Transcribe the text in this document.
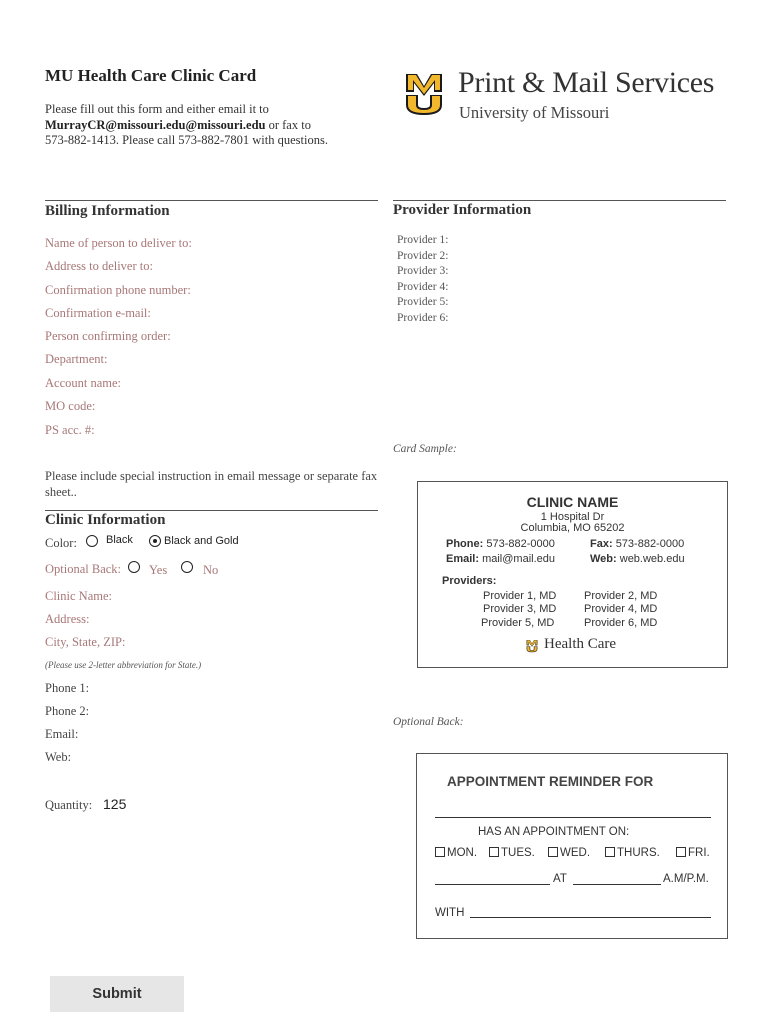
MU Health Care Clinic Card
Please fill out this form and either email it to
MurrayCR@missouri.edu@missouri.edu or fax to
573-882-1413. Please call 573-882-7801 with questions.
Print & Mail Services
University of Missouri
Billing Information
Name of person to deliver to:
Address to deliver to:
Confirmation phone number:
Confirmation e-mail:
Person confirming order:
Department:
Account name:
MO code:
PS acc. #:
Please include special instruction in email message or separate fax sheet..
Provider Information
Provider 1:
Provider 2:
Provider 3:
Provider 4:
Provider 5:
Provider 6:
Card Sample:
Clinic Information
Color:	Black	Black and Gold
Optional Back: Yes	No
Clinic Name:
Address:
City, State, ZIP:
(Please use 2-letter abbreviation for State.)
Phone 1:
Phone 2:
Email:
Web:
Quantity: 125
CLINIC NAME
1 Hospital Dr
Columbia, MO 65202
Phone: 573-882-0000	Fax: 573-882-0000
Email: mail@mail.edu	Web: web.web.edu
Providers:
Provider 1, MD	Provider 2, MD
Provider 3, MD	Provider 4, MD
Provider 5, MD	Provider 6, MD
Health Care
Optional Back:
APPOINTMENT REMINDER FOR
HAS AN APPOINTMENT ON:
MON.	TUES.	WED.	THURS.	FRI.
AT	A.M/P.M.
WITH
Submit
